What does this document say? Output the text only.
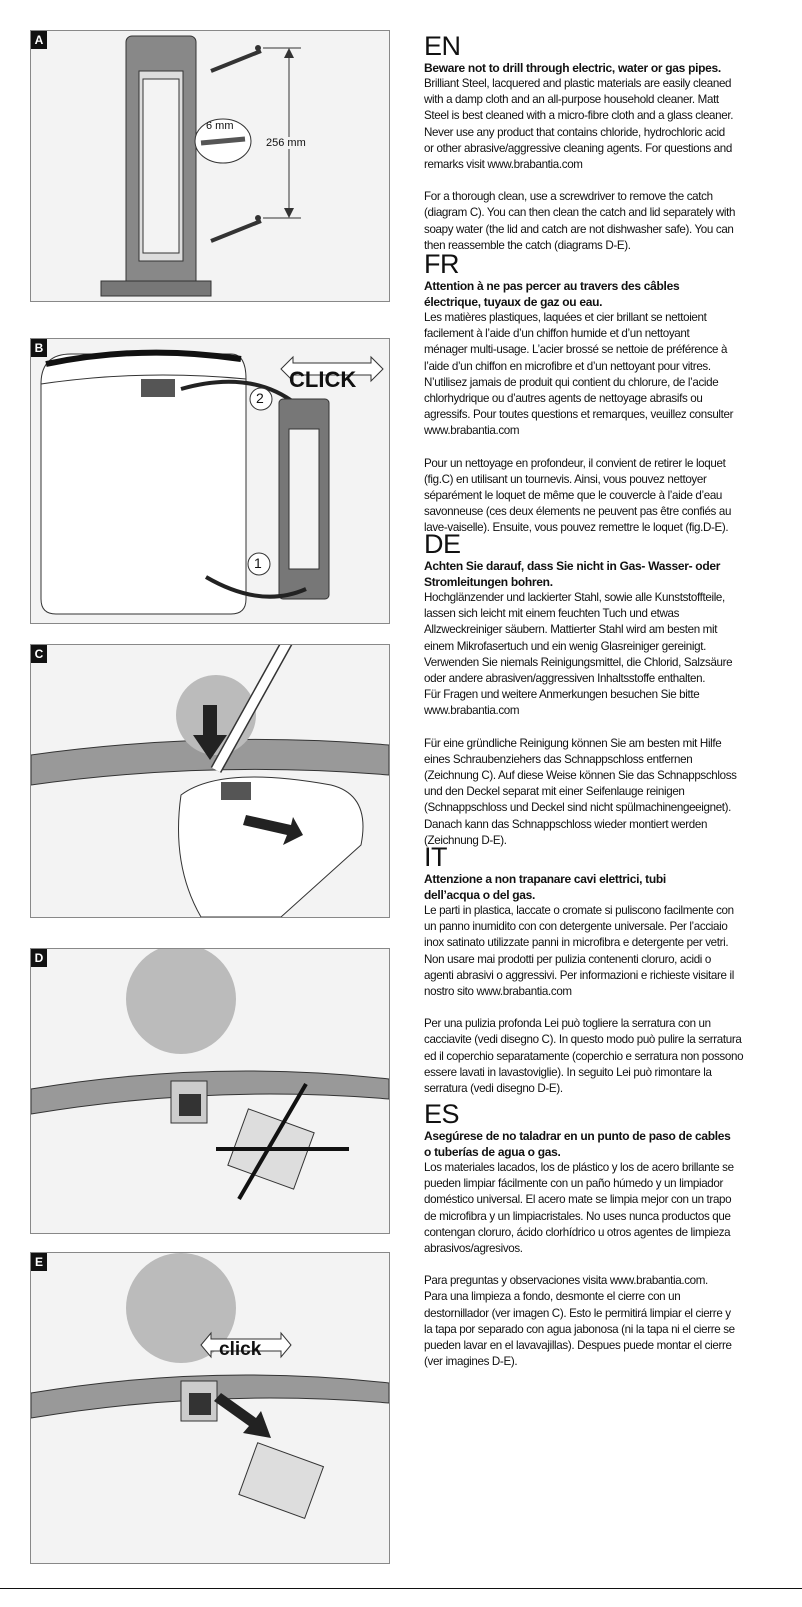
A
6 mm
256 mm
B
CLICK
2
1
C
D
E
click
EN
Beware not to drill through electric, water or gas pipes.
Brilliant Steel, lacquered and plastic materials are easily cleaned
with a damp cloth and an all-purpose household cleaner. Matt
Steel is best cleaned with a micro-fibre cloth and a glass cleaner.
Never use any product that contains chloride, hydrochloric acid
or other abrasive/aggressive cleaning agents. For questions and
remarks visit www.brabantia.com
For a thorough clean, use a screwdriver to remove the catch
(diagram C). You can then clean the catch and lid separately with
soapy water (the lid and catch are not dishwasher safe). You can
then reassemble the catch (diagrams D-E).
FR
Attention à ne pas percer au travers des câbles
électrique, tuyaux de gaz ou eau.
Les matières plastiques, laquées et cier brillant se nettoient
facilement à l’aide d’un chiffon humide et d’un nettoyant
ménager multi-usage. L’acier brossé se nettoie de préférence à
l’aide d’un chiffon en microfibre et d’un nettoyant pour vitres.
N’utilisez jamais de produit qui contient du chlorure, de l’acide
chlorhydrique ou d’autres agents de nettoyage abrasifs ou
agressifs. Pour toutes questions et remarques, veuillez consulter
www.brabantia.com
Pour un nettoyage en profondeur, il convient de retirer le loquet
(fig.C) en utilisant un tournevis. Ainsi, vous pouvez nettoyer
séparément le loquet de même que le couvercle à l’aide d’eau
savonneuse (ces deux élements ne peuvent pas être confiés au
lave-vaiselle). Ensuite, vous pouvez remettre le loquet (fig.D-E).
DE
Achten Sie darauf, dass Sie nicht in Gas- Wasser- oder
Stromleitungen bohren.
Hochglänzender und lackierter Stahl, sowie alle Kunststoffteile,
lassen sich leicht mit einem feuchten Tuch und etwas
Allzweckreiniger säubern. Mattierter Stahl wird am besten mit
einem Mikrofasertuch und ein wenig Glasreiniger gereinigt.
Verwenden Sie niemals Reinigungsmittel, die Chlorid, Salzsäure
oder andere abrasiven/aggressiven Inhaltsstoffe enthalten.
Für Fragen und weitere Anmerkungen besuchen Sie bitte
www.brabantia.com
Für eine gründliche Reinigung können Sie am besten mit Hilfe
eines Schraubenziehers das Schnappschloss entfernen
(Zeichnung C). Auf diese Weise können Sie das Schnappschloss
und den Deckel separat mit einer Seifenlauge reinigen
(Schnappschloss und Deckel sind nicht spülmachinengeeignet).
Danach kann das Schnappschloss wieder montiert werden
(Zeichnung D-E).
IT
Attenzione a non trapanare cavi elettrici, tubi
dell’acqua o del gas.
Le parti in plastica, laccate o cromate si puliscono facilmente con
un panno inumidito con con detergente universale. Per l’acciaio
inox satinato utilizzate panni in microfibra e detergente per vetri.
Non usare mai prodotti per pulizia contenenti cloruro, acidi o
agenti abrasivi o aggressivi. Per informazioni e richieste visitare il
nostro sito www.brabantia.com
Per una pulizia profonda Lei può togliere la serratura con un
cacciavite (vedi disegno C). In questo modo può pulire la serratura
ed il coperchio separatamente (coperchio e serratura non possono
essere lavati in lavastoviglie). In seguito Lei può rimontare la
serratura (vedi disegno D-E).
ES
Asegúrese de no taladrar en un punto de paso de cables
o tuberías de agua o gas.
Los materiales lacados, los de plástico y los de acero brillante se
pueden limpiar fácilmente con un paño húmedo y un limpiador
doméstico universal. El acero mate se limpia mejor con un trapo
de microfibra y un limpiacristales. No uses nunca productos que
contengan cloruro, ácido clorhídrico u otros agentes de limpieza
abrasivos/agresivos.
Para preguntas y observaciones visita www.brabantia.com.
Para una limpieza a fondo, desmonte el cierre con un
destornillador (ver imagen C). Esto le permitirá limpiar el cierre y
la tapa por separado con agua jabonosa (ni la tapa ni el cierre se
pueden lavar en el lavavajillas). Despues puede montar el cierre
(ver imagines D-E).
